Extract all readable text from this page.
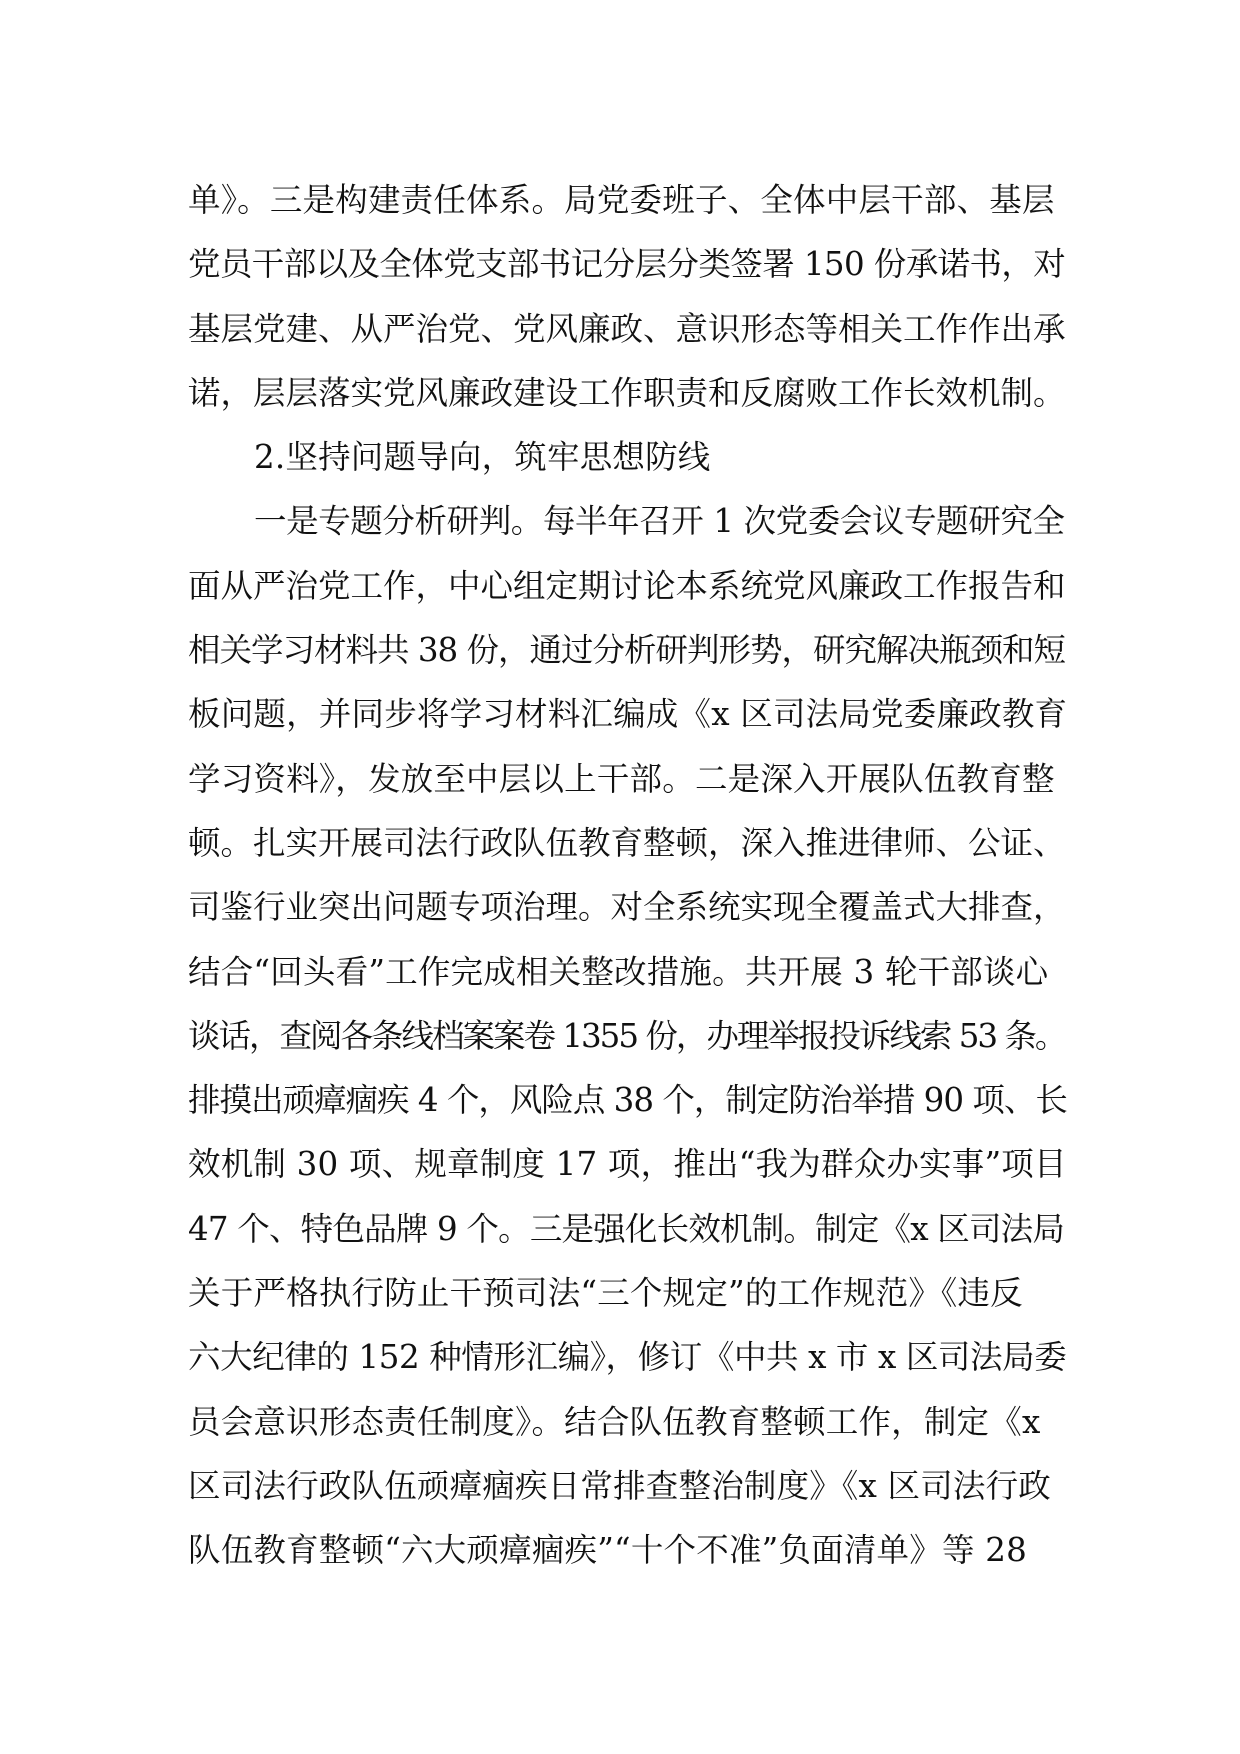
单》。三是构建责任体系。局党委班子、全体中层干部、基层
党员干部以及全体党支部书记分层分类签署 150 份承诺书，对
基层党建、从严治党、党风廉政、意识形态等相关工作作出承
诺，层层落实党风廉政建设工作职责和反腐败工作长效机制。
2.坚持问题导向，筑牢思想防线
一是专题分析研判。每半年召开 1 次党委会议专题研究全
面从严治党工作，中心组定期讨论本系统党风廉政工作报告和
相关学习材料共 38 份，通过分析研判形势，研究解决瓶颈和短
板问题，并同步将学习材料汇编成《x 区司法局党委廉政教育
学习资料》，发放至中层以上干部。二是深入开展队伍教育整
顿。扎实开展司法行政队伍教育整顿，深入推进律师、公证、
司鉴行业突出问题专项治理。对全系统实现全覆盖式大排查，
结合“回头看”工作完成相关整改措施。共开展 3 轮干部谈心
谈话，查阅各条线档案案卷 1355 份，办理举报投诉线索 53 条。
排摸出顽瘴痼疾 4 个，风险点 38 个，制定防治举措 90 项、长
效机制 30 项、规章制度 17 项，推出“我为群众办实事”项目
47 个、特色品牌 9 个。三是强化长效机制。制定《x 区司法局
关于严格执行防止干预司法“三个规定”的工作规范》《违反
六大纪律的 152 种情形汇编》，修订《中共 x 市 x 区司法局委
员会意识形态责任制度》。结合队伍教育整顿工作，制定《x
区司法行政队伍顽瘴痼疾日常排查整治制度》《x 区司法行政
队伍教育整顿“六大顽瘴痼疾”“十个不准”负面清单》等 28
